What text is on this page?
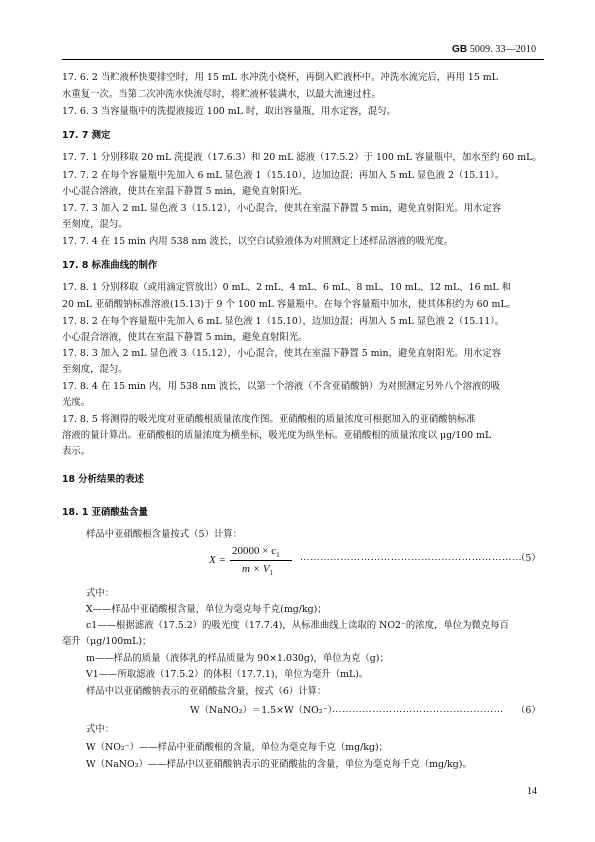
GB 5009. 33—2010
17. 6. 2 当贮液杯快要排空时，用 15 mL 水冲洗小烧杯，再倒入贮液杯中。冲洗水流完后，再用 15 mL
水重复一次。当第二次冲洗水快流尽时，将贮液杯装满水，以最大流速过柱。
17. 6. 3 当容量瓶中的洗提液接近 100 mL 时，取出容量瓶，用水定容，混匀。
17. 7 测定
17. 7. 1 分别移取 20 mL 洗提液（17.6.3）和 20 mL 滤液（17.5.2）于 100 mL 容量瓶中，加水至约 60 mL。
17. 7. 2 在每个容量瓶中先加入 6 mL 显色液 1（15.10），边加边混；再加入 5 mL 显色液 2（15.11）。
小心混合溶液，使其在室温下静置 5 min，避免直射阳光。
17. 7. 3 加入 2 mL 显色液 3（15.12），小心混合，使其在室温下静置 5 min，避免直射阳光。用水定容
至刻度，混匀。
17. 7. 4 在 15 min 内用 538 nm 波长，以空白试验液体为对照测定上述样品溶液的吸光度。
17. 8 标准曲线的制作
17. 8. 1 分别移取（或用滴定管放出）0 mL、2 mL、4 mL、6 mL、8 mL、10 mL、12 mL、16 mL 和
20 mL 亚硝酸钠标准溶液(15.13)于 9 个 100 mL 容量瓶中。在每个容量瓶中加水，使其体积约为 60 mL。
17. 8. 2 在每个容量瓶中先加入 6 mL 显色液 1（15.10），边加边混；再加入 5 mL 显色液 2（15.11）。
小心混合溶液，使其在室温下静置 5 min，避免直射阳光。
17. 8. 3 加入 2 mL 显色液 3（15.12），小心混合，使其在室温下静置 5 min，避免直射阳光。用水定容
至刻度，混匀。
17. 8. 4 在 15 min 内，用 538 nm 波长，以第一个溶液（不含亚硝酸钠）为对照测定另外八个溶液的吸
光度。
17. 8. 5 将测得的吸光度对亚硝酸根质量浓度作图。亚硝酸根的质量浓度可根据加入的亚硝酸钠标准
溶液的量计算出。亚硝酸根的质量浓度为横坐标，吸光度为纵坐标。亚硝酸根的质量浓度以 μg/100 mL
表示。
18 分析结果的表述
18. 1 亚硝酸盐含量
样品中亚硝酸根含量按式（5）计算：
X =
$20000 \times c_1$
$m \times V_1$
…………………………………………………………
（5）
式中：
X——样品中亚硝酸根含量，单位为毫克每千克(mg/kg)；
c1——根据滤液（17.5.2）的吸光度（17.7.4)，从标准曲线上读取的 NO2⁻的浓度，单位为微克每百
毫升（μg/100mL)；
m——样品的质量（液体乳的样品质量为 90×1.030g)，单位为克（g)；
V1——所取滤液（17.5.2）的体积（17.7.1)，单位为毫升（mL)。
样品中以亚硝酸钠表示的亚硝酸盐含量，按式（6）计算：
W（NaNO₂）＝1.5×W（NO₂⁻）
…………………………………………… （6）
式中：
W（NO₂⁻）——样品中亚硝酸根的含量，单位为毫克每千克（mg/kg)；
W（NaNO₂）——样品中以亚硝酸钠表示的亚硝酸盐的含量，单位为毫克每千克（mg/kg)。
14
